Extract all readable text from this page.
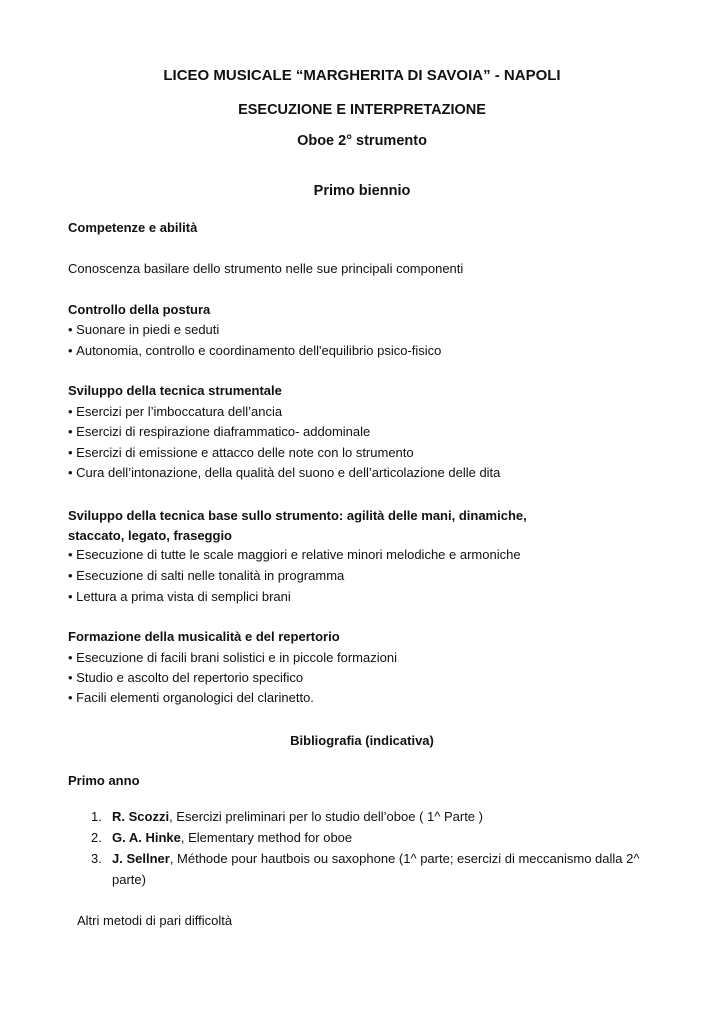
LICEO MUSICALE “MARGHERITA DI SAVOIA” - NAPOLI
ESECUZIONE E INTERPRETAZIONE
Oboe 2° strumento
Primo biennio
Competenze e abilità
Conoscenza basilare dello strumento nelle sue principali componenti
Controllo della postura
• Suonare in piedi e seduti
• Autonomia, controllo e coordinamento dell'equilibrio psico-fisico
Sviluppo della tecnica strumentale
• Esercizi per l’imboccatura dell’ancia
• Esercizi di respirazione diaframmatico- addominale
• Esercizi di emissione e attacco delle note con lo strumento
• Cura dell’intonazione, della qualità del suono e dell’articolazione delle dita
Sviluppo della tecnica base sullo strumento: agilità delle mani, dinamiche,
staccato, legato, fraseggio
• Esecuzione di tutte le scale maggiori e relative minori melodiche e armoniche
• Esecuzione di salti nelle tonalità in programma
• Lettura a prima vista di semplici brani
Formazione della musicalità e del repertorio
• Esecuzione di facili brani solistici e in piccole formazioni
• Studio e ascolto del repertorio specifico
• Facili elementi organologici del clarinetto.
Bibliografia (indicativa)
Primo anno
1. R. Scozzi, Esercizi preliminari per lo studio dell’oboe ( 1^ Parte )
2. G. A. Hinke, Elementary method for oboe
3. J. Sellner, Méthode pour hautbois ou saxophone (1^ parte; esercizi di meccanismo dalla 2^
parte)
Altri metodi di pari difficoltà
